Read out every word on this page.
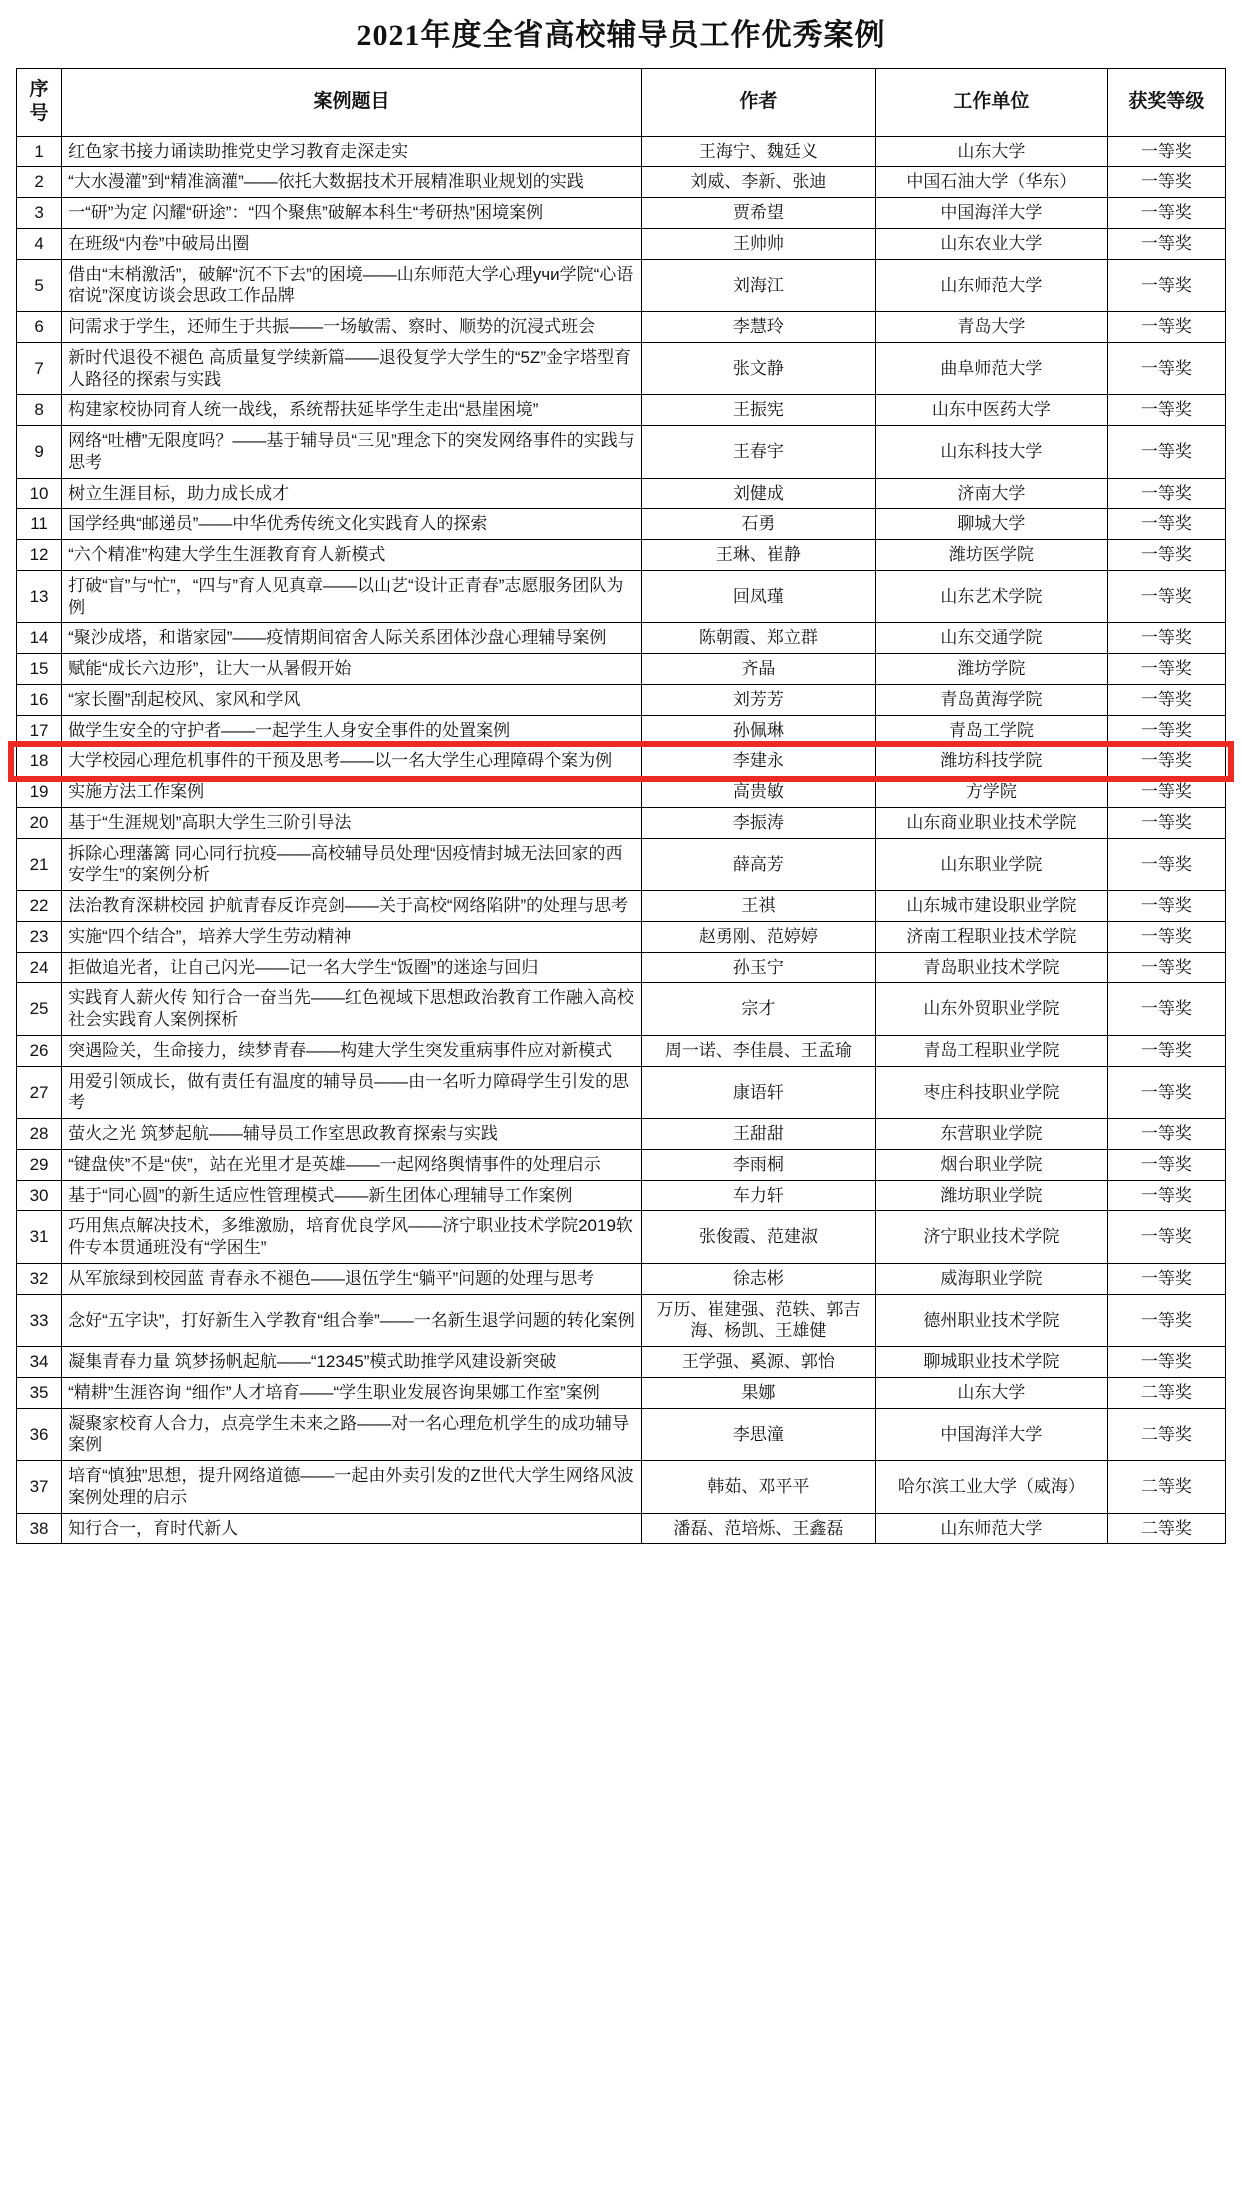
2021年度全省高校辅导员工作优秀案例
序号	案例题目	作者	工作单位	获奖等级
1	红色家书接力诵读助推党史学习教育走深走实	王海宁、魏廷义	山东大学	一等奖
2	“大水漫灌”到“精准滴灌”——依托大数据技术开展精准职业规划的实践	刘威、李新、张迪	中国石油大学（华东）	一等奖
3	一“研”为定 闪耀“研途”：“四个聚焦”破解本科生“考研热”困境案例	贾希望	中国海洋大学	一等奖
4	在班级“内卷”中破局出圈	王帅帅	山东农业大学	一等奖
5	借由“末梢激活”，破解“沉不下去”的困境——山东师范大学心理учи学院“心语宿说”深度访谈会思政工作品牌	刘海江	山东师范大学	一等奖
6	问需求于学生，还师生于共振——一场敏需、察时、顺势的沉浸式班会	李慧玲	青岛大学	一等奖
7	新时代退役不褪色 高质量复学续新篇——退役复学大学生的“5Z”金字塔型育人路径的探索与实践	张文静	曲阜师范大学	一等奖
8	构建家校协同育人统一战线，系统帮扶延毕学生走出“悬崖困境”	王振宪	山东中医药大学	一等奖
9	网络“吐槽”无限度吗？——基于辅导员“三见”理念下的突发网络事件的实践与思考	王春宇	山东科技大学	一等奖
10	树立生涯目标，助力成长成才	刘健成	济南大学	一等奖
11	国学经典“邮递员”——中华优秀传统文化实践育人的探索	石勇	聊城大学	一等奖
12	“六个精准”构建大学生生涯教育育人新模式	王琳、崔静	潍坊医学院	一等奖
13	打破“盲”与“忙”，“四与”育人见真章——以山艺“设计正青春”志愿服务团队为例	回凤瑾	山东艺术学院	一等奖
14	“聚沙成塔，和谐家园”——疫情期间宿舍人际关系团体沙盘心理辅导案例	陈朝霞、郑立群	山东交通学院	一等奖
15	赋能“成长六边形”，让大一从暑假开始	齐晶	潍坊学院	一等奖
16	“家长圈”刮起校风、家风和学风	刘芳芳	青岛黄海学院	一等奖
17	做学生安全的守护者——一起学生人身安全事件的处置案例	孙佩琳	青岛工学院	一等奖
18	大学校园心理危机事件的干预及思考——以一名大学生心理障碍个案为例	李建永	潍坊科技学院	一等奖
19	实施方法工作案例	高贵敏	方学院	一等奖
20	基于“生涯规划”高职大学生三阶引导法	李振涛	山东商业职业技术学院	一等奖
21	拆除心理藩篱 同心同行抗疫——高校辅导员处理“因疫情封城无法回家的西安学生”的案例分析	薛高芳	山东职业学院	一等奖
22	法治教育深耕校园 护航青春反诈亮剑——关于高校“网络陷阱”的处理与思考	王祺	山东城市建设职业学院	一等奖
23	实施“四个结合”，培养大学生劳动精神	赵勇刚、范婷婷	济南工程职业技术学院	一等奖
24	拒做追光者，让自己闪光——记一名大学生“饭圈”的迷途与回归	孙玉宁	青岛职业技术学院	一等奖
25	实践育人薪火传 知行合一奋当先——红色视域下思想政治教育工作融入高校社会实践育人案例探析	宗才	山东外贸职业学院	一等奖
26	突遇险关，生命接力，续梦青春——构建大学生突发重病事件应对新模式	周一诺、李佳晨、王孟瑜	青岛工程职业学院	一等奖
27	用爱引领成长，做有责任有温度的辅导员——由一名听力障碍学生引发的思考	康语轩	枣庄科技职业学院	一等奖
28	萤火之光 筑梦起航——辅导员工作室思政教育探索与实践	王甜甜	东营职业学院	一等奖
29	“键盘侠”不是“侠”，站在光里才是英雄——一起网络舆情事件的处理启示	李雨桐	烟台职业学院	一等奖
30	基于“同心圆”的新生适应性管理模式——新生团体心理辅导工作案例	车力轩	潍坊职业学院	一等奖
31	巧用焦点解决技术，多维激励，培育优良学风——济宁职业技术学院2019软件专本贯通班没有“学困生”	张俊霞、范建淑	济宁职业技术学院	一等奖
32	从军旅绿到校园蓝 青春永不褪色——退伍学生“躺平”问题的处理与思考	徐志彬	威海职业学院	一等奖
33	念好“五字诀”，打好新生入学教育“组合拳”——一名新生退学问题的转化案例	万历、崔建强、范轶、郭吉海、杨凯、王雄健	德州职业技术学院	一等奖
34	凝集青春力量 筑梦扬帆起航——“12345”模式助推学风建设新突破	王学强、奚源、郭怡	聊城职业技术学院	一等奖
35	“精耕”生涯咨询 “细作”人才培育——“学生职业发展咨询果娜工作室”案例	果娜	山东大学	二等奖
36	凝聚家校育人合力，点亮学生未来之路——对一名心理危机学生的成功辅导案例	李思潼	中国海洋大学	二等奖
37	培育“慎独”思想，提升网络道德——一起由外卖引发的Z世代大学生网络风波案例处理的启示	韩茹、邓平平	哈尔滨工业大学（威海）	二等奖
38	知行合一，育时代新人	潘磊、范培烁、王鑫磊	山东师范大学	二等奖
